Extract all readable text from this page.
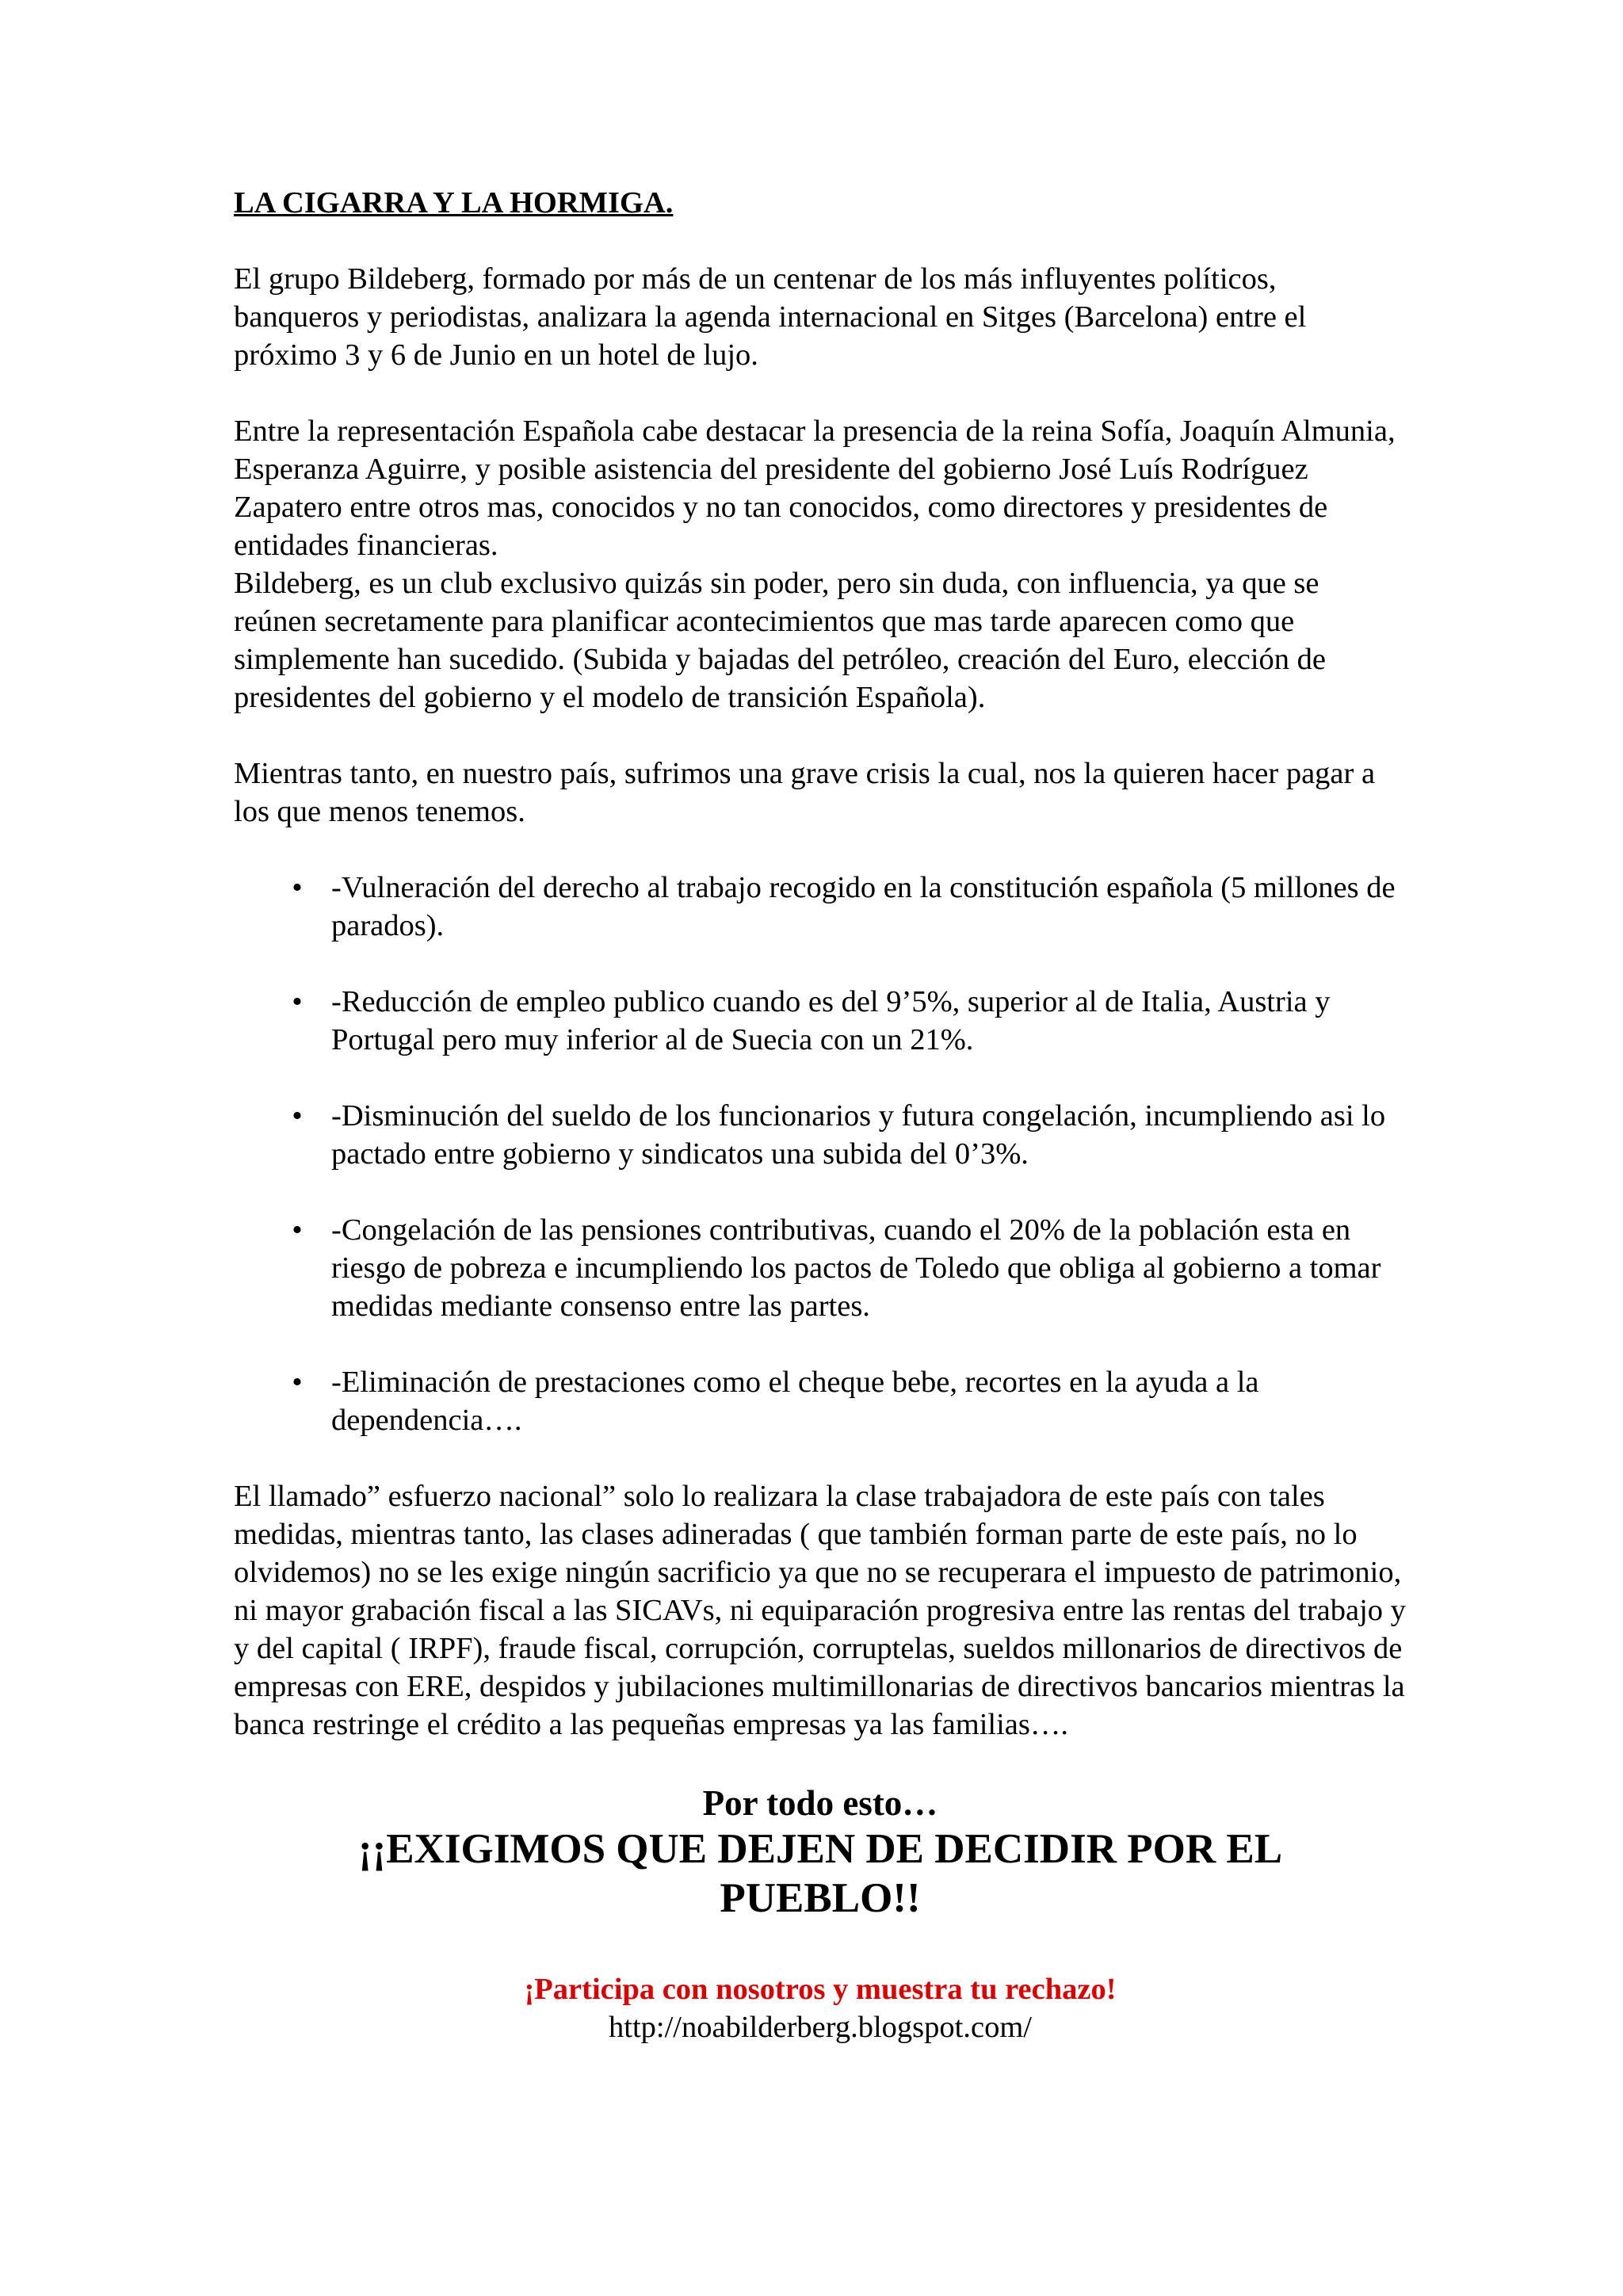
LA CIGARRA Y LA HORMIGA.

El grupo Bildeberg, formado por más de un centenar de los más influyentes políticos, banqueros y periodistas, analizara la agenda internacional en Sitges (Barcelona) entre el próximo 3 y 6 de Junio en un hotel de lujo.

Entre la representación Española cabe destacar la presencia de la reina Sofía, Joaquín Almunia, Esperanza Aguirre, y posible asistencia del presidente del gobierno José Luís Rodríguez Zapatero entre otros mas, conocidos y no tan conocidos, como directores y presidentes de entidades financieras.

Bildeberg, es un club exclusivo quizás sin poder, pero sin duda, con influencia, ya que se reúnen secretamente para planificar acontecimientos que mas tarde aparecen como que simplemente han sucedido. (Subida y bajadas del petróleo, creación del Euro, elección de presidentes del gobierno y el modelo de transición Española).

Mientras tanto, en nuestro país, sufrimos una grave crisis la cual, nos la quieren hacer pagar a los que menos tenemos.

• -Vulneración del derecho al trabajo recogido en la constitución española (5 millones de parados).
• -Reducción de empleo publico cuando es del 9’5%, superior al de Italia, Austria y Portugal pero muy inferior al de Suecia con un 21%.
• -Disminución del sueldo de los funcionarios y futura congelación, incumpliendo asi lo pactado entre gobierno y sindicatos una subida del 0’3%.
• -Congelación de las pensiones contributivas, cuando el 20% de la población esta en riesgo de pobreza e incumpliendo los pactos de Toledo que obliga al gobierno a tomar medidas mediante consenso entre las partes.
• -Eliminación de prestaciones como el cheque bebe, recortes en la ayuda a la dependencia….

El llamado” esfuerzo nacional” solo lo realizara la clase trabajadora de este país con tales medidas, mientras tanto, las clases adineradas ( que también forman parte de este país, no lo olvidemos) no se les exige ningún sacrificio ya que no se recuperara el impuesto de patrimonio, ni mayor grabación fiscal a las SICAVs, ni equiparación progresiva entre las rentas del trabajo y y del capital ( IRPF), fraude fiscal, corrupción, corruptelas, sueldos millonarios de directivos de empresas con ERE, despidos y jubilaciones multimillonarias de directivos bancarios mientras la banca restringe el crédito a las pequeñas empresas ya las familias….

Por todo esto…
¡¡EXIGIMOS QUE DEJEN DE DECIDIR POR EL PUEBLO!!
¡Participa con nosotros y muestra tu rechazo!
http://noabilderberg.blogspot.com/
